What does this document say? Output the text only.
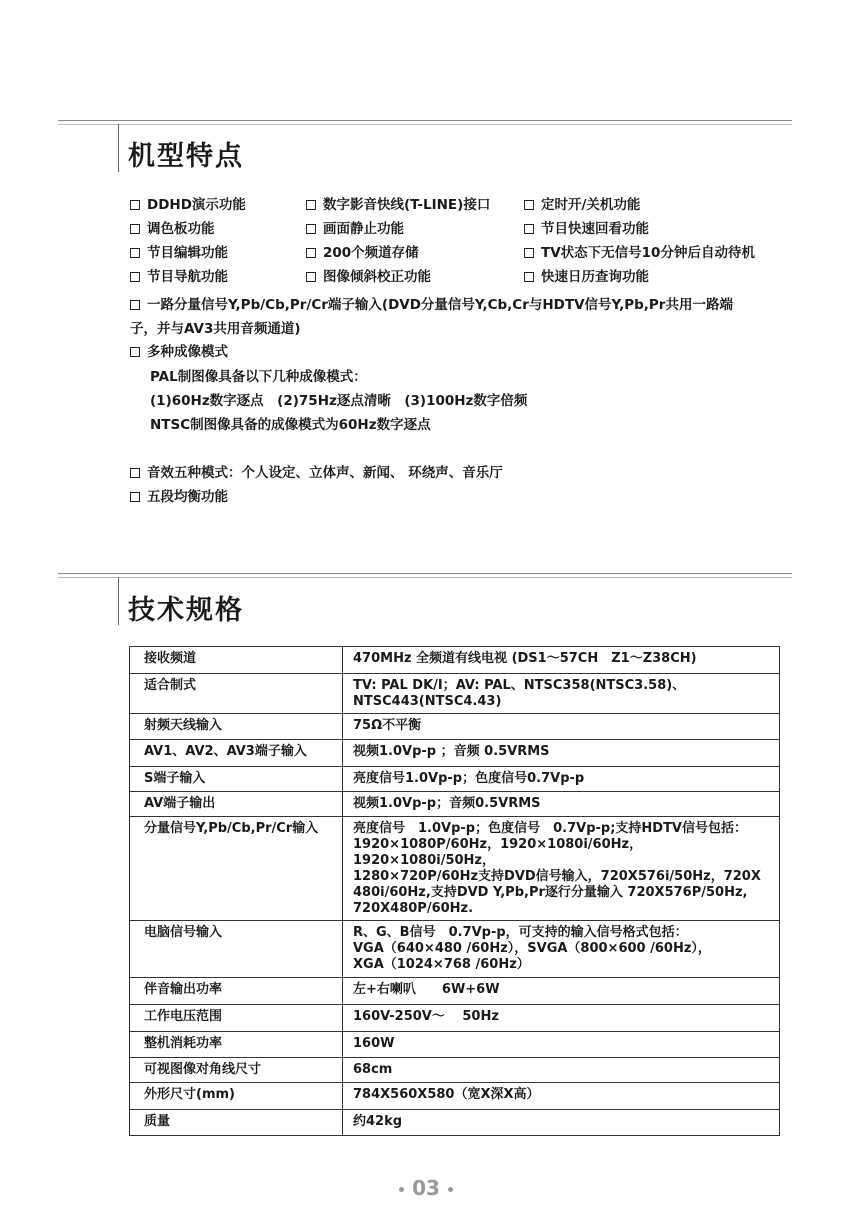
机型特点
DDHD演示功能	数字影音快线(T-LINE)接口	定时开/关机功能
调色板功能	画面静止功能	节目快速回看功能
节目编辑功能	200个频道存储	TV状态下无信号10分钟后自动待机
节目导航功能	图像倾斜校正功能	快速日历查询功能
一路分量信号Y,Pb/Cb,Pr/Cr端子输入(DVD分量信号Y,Cb,Cr与HDTV信号Y,Pb,Pr共用一路端
子，并与AV3共用音频通道)
多种成像模式
PAL制图像具备以下几种成像模式：
(1)60Hz数字逐点　(2)75Hz逐点清晰　(3)100Hz数字倍频
NTSC制图像具备的成像模式为60Hz数字逐点
音效五种模式：个人设定、立体声、新闻、 环绕声、音乐厅
五段均衡功能
技术规格
接收频道	470MHz 全频道有线电视 (DS1～57CH　Z1～Z38CH)

适合制式	TV: PAL DK/I；AV: PAL、NTSC358(NTSC3.58)、
NTSC443(NTSC4.43)

射频天线输入	75Ω不平衡

AV1、AV2、AV3端子输入	视频1.0Vp-p ；音频 0.5VRMS

S端子输入	亮度信号1.0Vp-p；色度信号0.7Vp-p

AV端子输出	视频1.0Vp-p；音频0.5VRMS

分量信号Y,Pb/Cb,Pr/Cr输入	亮度信号　1.0Vp-p；色度信号　0.7Vp-p;支持HDTV信号包括：
1920×1080P/60Hz，1920×1080i/60Hz，1920×1080i/50Hz，
1280×720P/60Hz支持DVD信号输入，720X576i/50Hz，720X
480i/60Hz,支持DVD Y,Pb,Pr逐行分量输入 720X576P/50Hz,
720X480P/60Hz.

电脑信号输入	R、G、B信号　0.7Vp-p，可支持的输入信号格式包括：
VGA（640×480 /60Hz），SVGA（800×600 /60Hz），
XGA（1024×768 /60Hz）

伴音输出功率	左+右喇叭　　6W+6W

工作电压范围	160V-250V～　 50Hz

整机消耗功率	160W

可视图像对角线尺寸	68cm

外形尺寸(mm)	784X560X580（宽X深X高）

质量	约42kg
03
